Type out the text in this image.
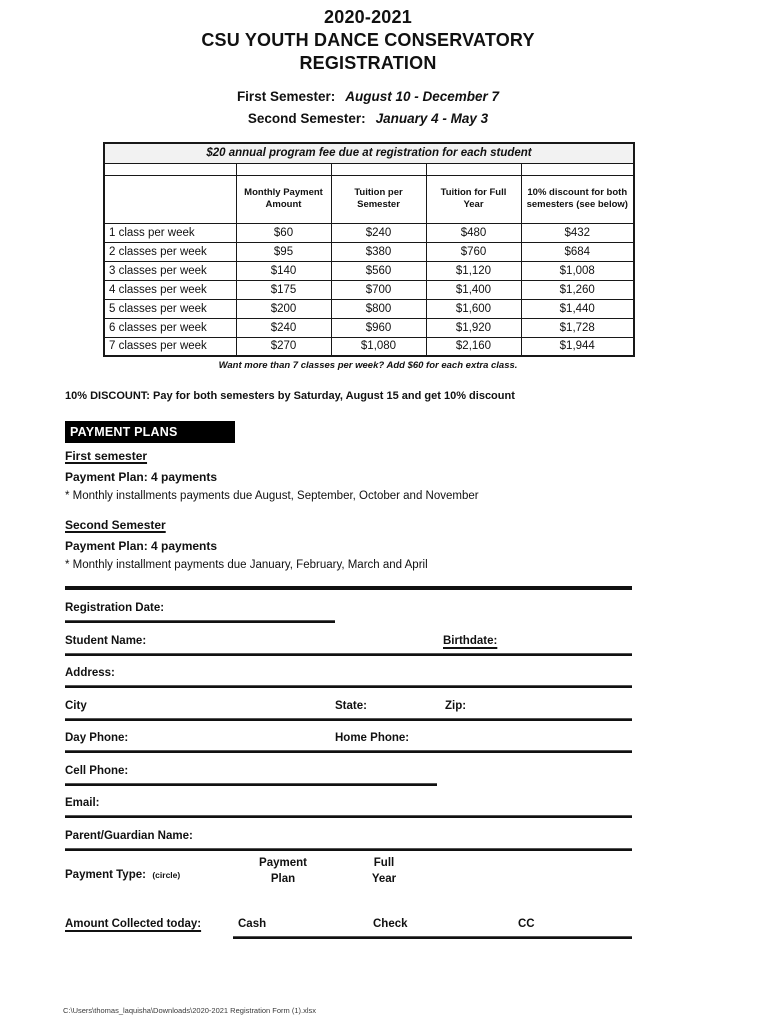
2020-2021
CSU YOUTH DANCE CONSERVATORY
REGISTRATION
First Semester: August 10 - December 7
Second Semester: January 4 - May 3
$20 annual program fee due at registration for each student				

	Monthly Payment Amount	Tuition per Semester	Tuition for Full Year	10% discount for both semesters (see below)
1 class per week	$60	$240	$480	$432
2 classes per week	$95	$380	$760	$684
3 classes per week	$140	$560	$1,120	$1,008
4 classes per week	$175	$700	$1,400	$1,260
5 classes per week	$200	$800	$1,600	$1,440
6 classes per week	$240	$960	$1,920	$1,728
7 classes per week	$270	$1,080	$2,160	$1,944
Want more than 7 classes per week? Add $60 for each extra class.
10% DISCOUNT: Pay for both semesters by Saturday, August 15 and get 10% discount
PAYMENT PLANS
First semester
Payment Plan: 4 payments
* Monthly installments payments due August, September, October and November
Second Semester
Payment Plan: 4 payments
* Monthly installment payments due January, February, March and April
Registration Date:
Student Name:	Birthdate:
Address:
City	State:	Zip:
Day Phone:	Home Phone:
Cell Phone:
Email:
Parent/Guardian Name:
Payment Type: (circle)
Payment
Plan
Full
Year
Amount Collected today:	Cash	Check	CC
C:\Users\thomas_laquisha\Downloads\2020-2021 Registration Form (1).xlsx
